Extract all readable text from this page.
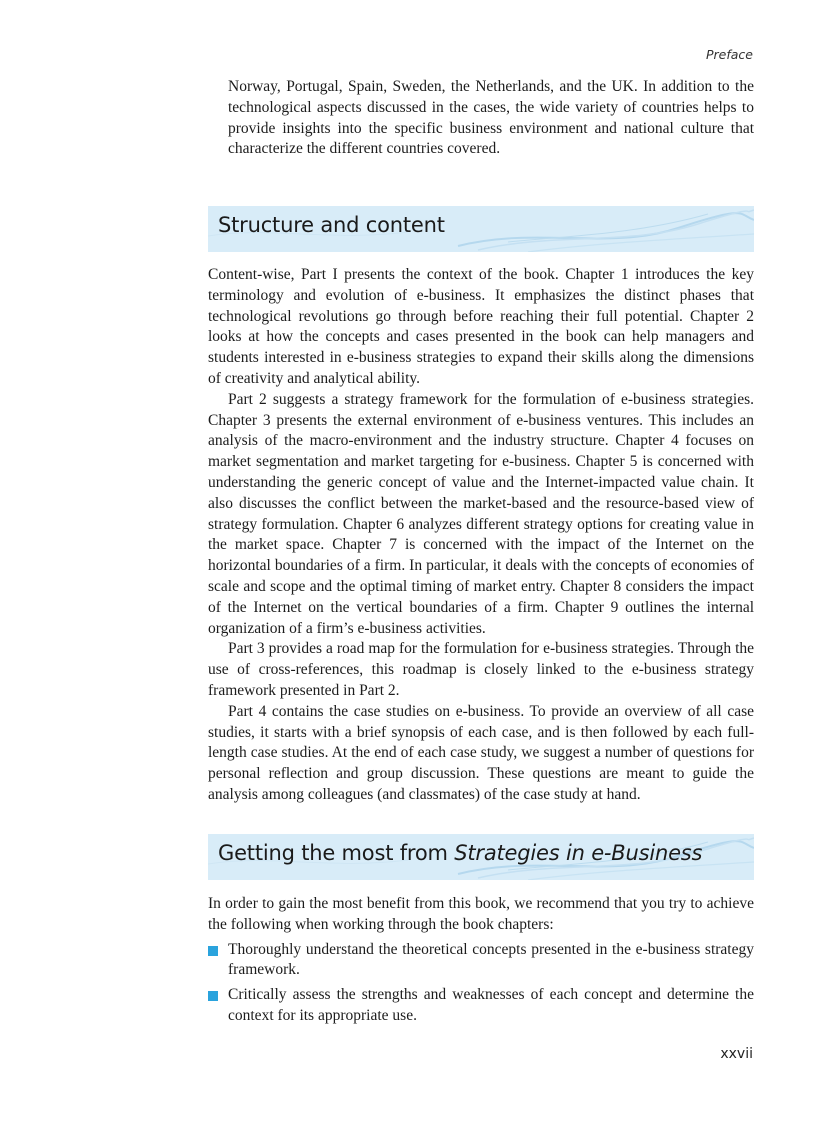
Preface

Norway, Portugal, Spain, Sweden, the Netherlands, and the UK. In addition to the technological aspects discussed in the cases, the wide variety of countries helps to provide insights into the specific business environment and national culture that characterize the different countries covered.

Structure and content

Content-wise, Part I presents the context of the book. Chapter 1 introduces the key terminology and evolution of e-business. It emphasizes the distinct phases that technological revolutions go through before reaching their full potential. Chapter 2 looks at how the concepts and cases presented in the book can help managers and students interested in e-business strategies to expand their skills along the dimensions of creativity and analytical ability.

Part 2 suggests a strategy framework for the formulation of e-business strategies. Chapter 3 presents the external environment of e-business ventures. This includes an analysis of the macro-environment and the industry structure. Chapter 4 focuses on market segmentation and market targeting for e-business. Chapter 5 is concerned with understanding the generic concept of value and the Internet-impacted value chain. It also discusses the conflict between the market-based and the resource-based view of strategy formulation. Chapter 6 analyzes different strategy options for creating value in the market space. Chapter 7 is concerned with the impact of the Internet on the horizontal boundaries of a firm. In particular, it deals with the concepts of economies of scale and scope and the optimal timing of market entry. Chapter 8 considers the impact of the Internet on the vertical boundaries of a firm. Chapter 9 outlines the internal organization of a firm’s e-business activities.

Part 3 provides a road map for the formulation for e-business strategies. Through the use of cross-references, this roadmap is closely linked to the e-business strategy framework presented in Part 2.

Part 4 contains the case studies on e-business. To provide an overview of all case studies, it starts with a brief synopsis of each case, and is then followed by each full-length case studies. At the end of each case study, we suggest a number of questions for personal reflection and group discussion. These questions are meant to guide the analysis among colleagues (and classmates) of the case study at hand.

Getting the most from Strategies in e-Business

In order to gain the most benefit from this book, we recommend that you try to achieve the following when working through the book chapters:

Thoroughly understand the theoretical concepts presented in the e-business strategy framework.
Critically assess the strengths and weaknesses of each concept and determine the context for its appropriate use.
xxvii
